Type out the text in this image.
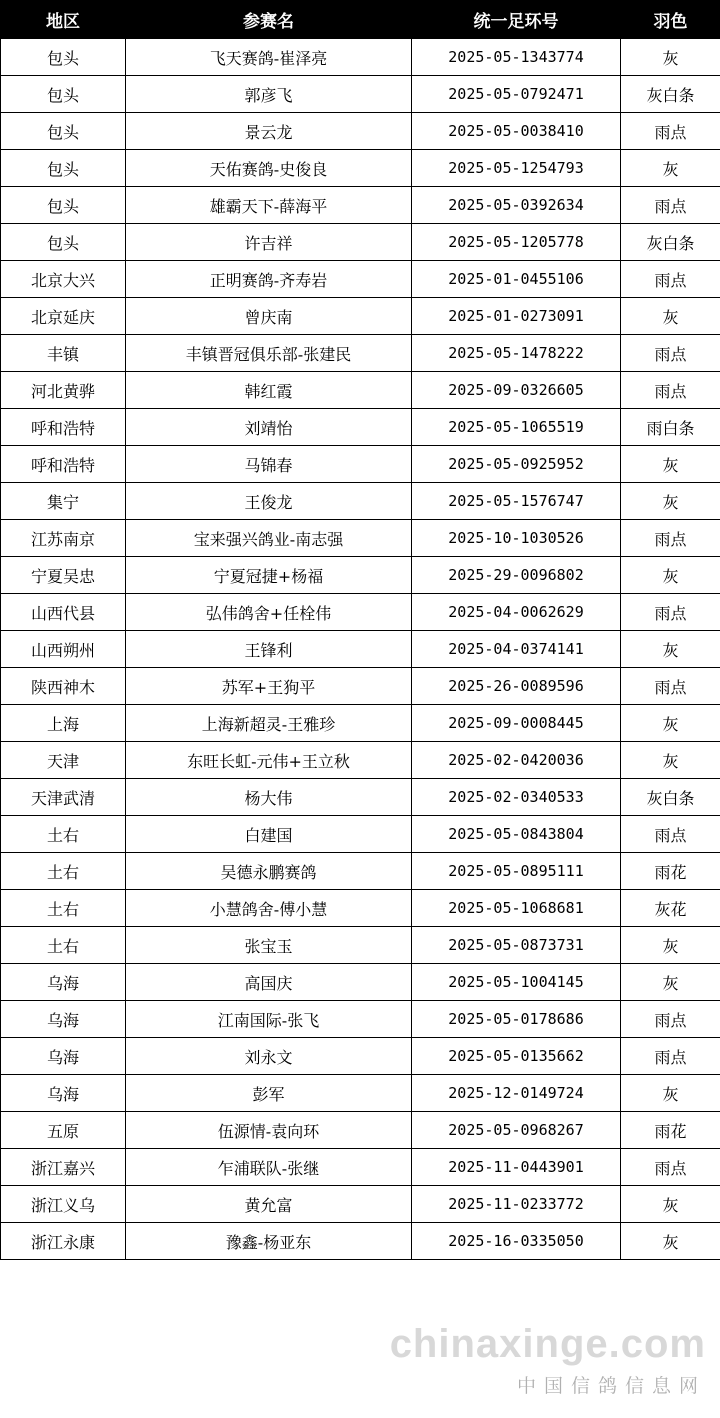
地区	参赛名	统一足环号	羽色
包头	飞天赛鸽-崔泽亮	2025-05-1343774	灰
包头	郭彦飞	2025-05-0792471	灰白条
包头	景云龙	2025-05-0038410	雨点
包头	天佑赛鸽-史俊良	2025-05-1254793	灰
包头	雄霸天下-薛海平	2025-05-0392634	雨点
包头	许吉祥	2025-05-1205778	灰白条
北京大兴	正明赛鸽-齐寿岩	2025-01-0455106	雨点
北京延庆	曾庆南	2025-01-0273091	灰
丰镇	丰镇晋冠俱乐部-张建民	2025-05-1478222	雨点
河北黄骅	韩红霞	2025-09-0326605	雨点
呼和浩特	刘靖怡	2025-05-1065519	雨白条
呼和浩特	马锦春	2025-05-0925952	灰
集宁	王俊龙	2025-05-1576747	灰
江苏南京	宝来强兴鸽业-南志强	2025-10-1030526	雨点
宁夏吴忠	宁夏冠捷+杨福	2025-29-0096802	灰
山西代县	弘伟鸽舍+任栓伟	2025-04-0062629	雨点
山西朔州	王锋利	2025-04-0374141	灰
陕西神木	苏军+王狗平	2025-26-0089596	雨点
上海	上海新超灵-王雅珍	2025-09-0008445	灰
天津	东旺长虹-元伟+王立秋	2025-02-0420036	灰
天津武清	杨大伟	2025-02-0340533	灰白条
土右	白建国	2025-05-0843804	雨点
土右	吴德永鹏赛鸽	2025-05-0895111	雨花
土右	小慧鸽舍-傅小慧	2025-05-1068681	灰花
土右	张宝玉	2025-05-0873731	灰
乌海	高国庆	2025-05-1004145	灰
乌海	江南国际-张飞	2025-05-0178686	雨点
乌海	刘永文	2025-05-0135662	雨点
乌海	彭军	2025-12-0149724	灰
五原	伍源情-袁向环	2025-05-0968267	雨花
浙江嘉兴	乍浦联队-张继	2025-11-0443901	雨点
浙江义乌	黄允富	2025-11-0233772	灰
浙江永康	豫鑫-杨亚东	2025-16-0335050	灰
chinaxinge.com
中国信鸽信息网
